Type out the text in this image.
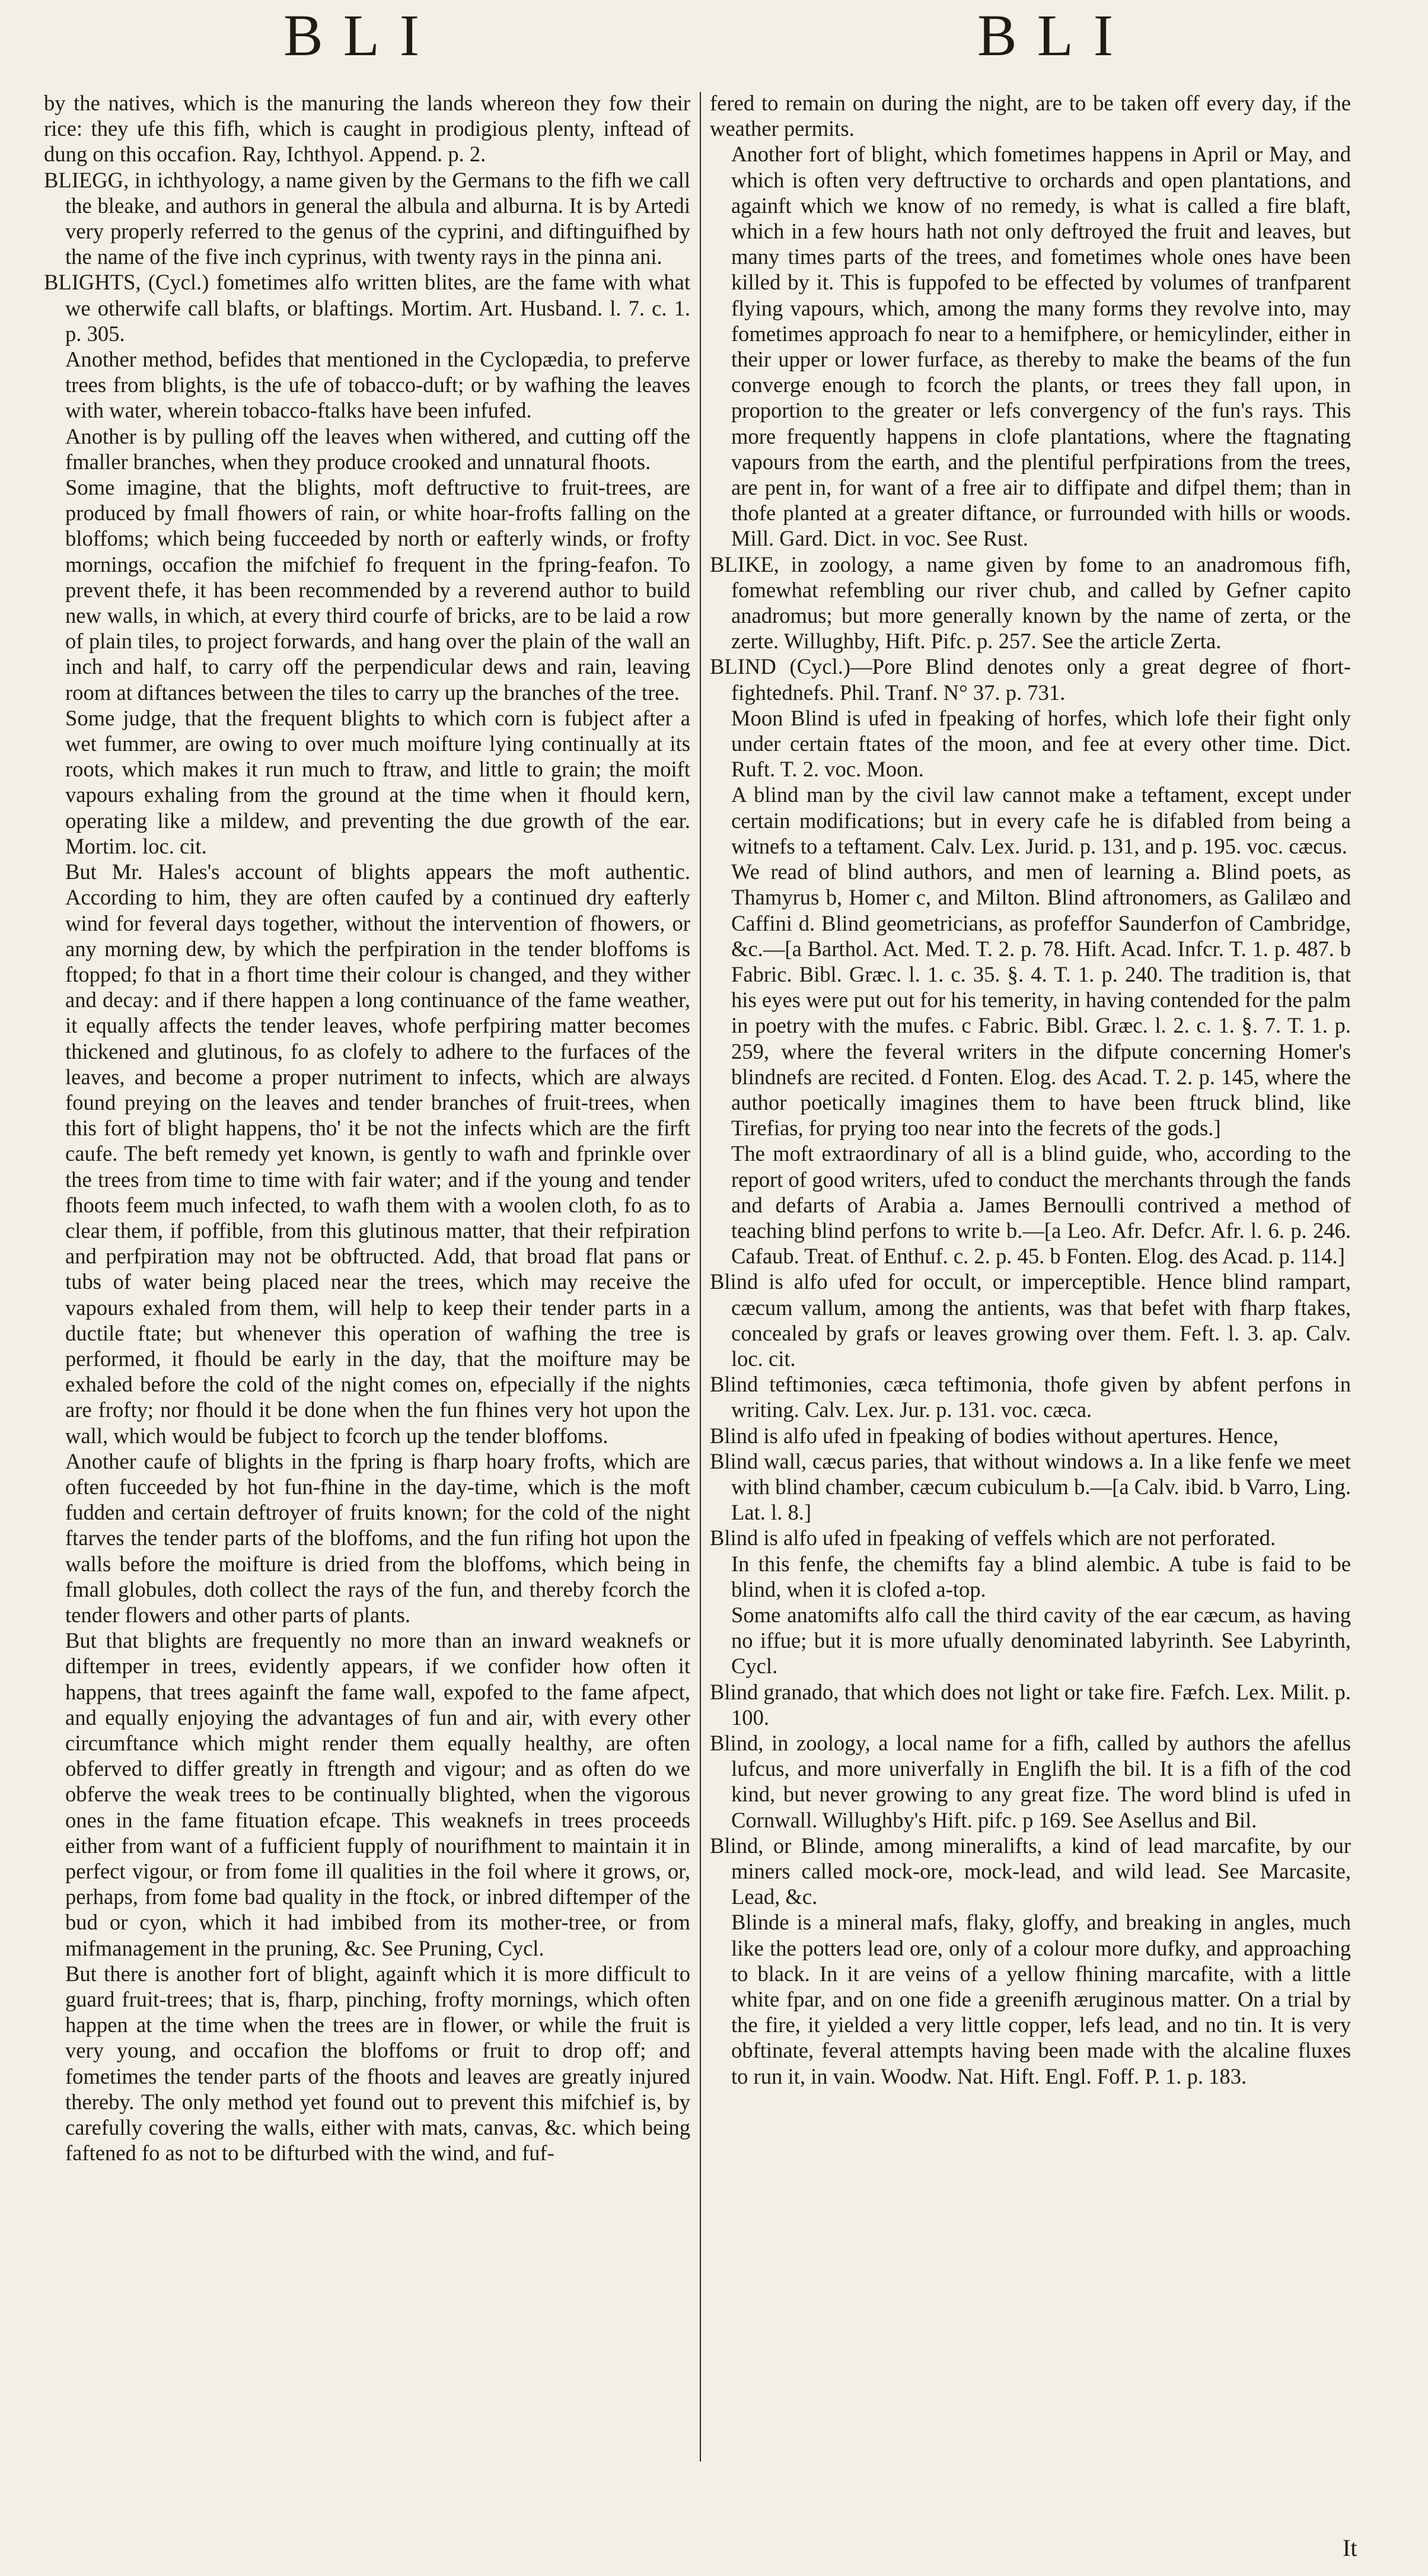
BLI	BLI

by the natives, which is the manuring the lands whereon they fow their rice: they ufe this fifh, which is caught in prodigious plenty, inftead of dung on this occafion. Ray, Ichthyol. Append. p. 2.

BLIEGG, in ichthyology, a name given by the Germans to the fifh we call the bleake, and authors in general the albula and alburna. It is by Artedi very properly referred to the genus of the cyprini, and diftinguifhed by the name of the five inch cyprinus, with twenty rays in the pinna ani.

BLIGHTS, (Cycl.) fometimes alfo written blites, are the fame with what we otherwife call blafts, or blaftings. Mortim. Art. Husband. l. 7. c. 1. p. 305.

Another method, befides that mentioned in the Cyclopædia, to preferve trees from blights, is the ufe of tobacco-duft; or by wafhing the leaves with water, wherein tobacco-ftalks have been infufed.

Another is by pulling off the leaves when withered, and cutting off the fmaller branches, when they produce crooked and unnatural fhoots.

Some imagine, that the blights, moft deftructive to fruit-trees, are produced by fmall fhowers of rain, or white hoar-frofts falling on the bloffoms; which being fucceeded by north or eafterly winds, or frofty mornings, occafion the mifchief fo frequent in the fpring-feafon. To prevent thefe, it has been recommended by a reverend author to build new walls, in which, at every third courfe of bricks, are to be laid a row of plain tiles, to project forwards, and hang over the plain of the wall an inch and half, to carry off the perpendicular dews and rain, leaving room at diftances between the tiles to carry up the branches of the tree.

Some judge, that the frequent blights to which corn is fubject after a wet fummer, are owing to over much moifture lying continually at its roots, which makes it run much to ftraw, and little to grain; the moift vapours exhaling from the ground at the time when it fhould kern, operating like a mildew, and preventing the due growth of the ear. Mortim. loc. cit.

But Mr. Hales's account of blights appears the moft authentic. According to him, they are often caufed by a continued dry eafterly wind for feveral days together, without the intervention of fhowers, or any morning dew, by which the perfpiration in the tender bloffoms is ftopped; fo that in a fhort time their colour is changed, and they wither and decay: and if there happen a long continuance of the fame weather, it equally affects the tender leaves, whofe perfpiring matter becomes thickened and glutinous, fo as clofely to adhere to the furfaces of the leaves, and become a proper nutriment to infects, which are always found preying on the leaves and tender branches of fruit-trees, when this fort of blight happens, tho' it be not the infects which are the firft caufe. The beft remedy yet known, is gently to wafh and fprinkle over the trees from time to time with fair water; and if the young and tender fhoots feem much infected, to wafh them with a woolen cloth, fo as to clear them, if poffible, from this glutinous matter, that their refpiration and perfpiration may not be obftructed. Add, that broad flat pans or tubs of water being placed near the trees, which may receive the vapours exhaled from them, will help to keep their tender parts in a ductile ftate; but whenever this operation of wafhing the tree is performed, it fhould be early in the day, that the moifture may be exhaled before the cold of the night comes on, efpecially if the nights are frofty; nor fhould it be done when the fun fhines very hot upon the wall, which would be fubject to fcorch up the tender bloffoms.

Another caufe of blights in the fpring is fharp hoary frofts, which are often fucceeded by hot fun-fhine in the day-time, which is the moft fudden and certain deftroyer of fruits known; for the cold of the night ftarves the tender parts of the bloffoms, and the fun rifing hot upon the walls before the moifture is dried from the bloffoms, which being in fmall globules, doth collect the rays of the fun, and thereby fcorch the tender flowers and other parts of plants.

But that blights are frequently no more than an inward weaknefs or diftemper in trees, evidently appears, if we confider how often it happens, that trees againft the fame wall, expofed to the fame afpect, and equally enjoying the advantages of fun and air, with every other circumftance which might render them equally healthy, are often obferved to differ greatly in ftrength and vigour; and as often do we obferve the weak trees to be continually blighted, when the vigorous ones in the fame fituation efcape. This weaknefs in trees proceeds either from want of a fufficient fupply of nourifhment to maintain it in perfect vigour, or from fome ill qualities in the foil where it grows, or, perhaps, from fome bad quality in the ftock, or inbred diftemper of the bud or cyon, which it had imbibed from its mother-tree, or from mifmanagement in the pruning, &c. See Pruning, Cycl.

But there is another fort of blight, againft which it is more difficult to guard fruit-trees; that is, fharp, pinching, frofty mornings, which often happen at the time when the trees are in flower, or while the fruit is very young, and occafion the bloffoms or fruit to drop off; and fometimes the tender parts of the fhoots and leaves are greatly injured thereby. The only method yet found out to prevent this mifchief is, by carefully covering the walls, either with mats, canvas, &c. which being faftened fo as not to be difturbed with the wind, and fuf-

fered to remain on during the night, are to be taken off every day, if the weather permits.

Another fort of blight, which fometimes happens in April or May, and which is often very deftructive to orchards and open plantations, and againft which we know of no remedy, is what is called a fire blaft, which in a few hours hath not only deftroyed the fruit and leaves, but many times parts of the trees, and fometimes whole ones have been killed by it. This is fuppofed to be effected by volumes of tranfparent flying vapours, which, among the many forms they revolve into, may fometimes approach fo near to a hemifphere, or hemicylinder, either in their upper or lower furface, as thereby to make the beams of the fun converge enough to fcorch the plants, or trees they fall upon, in proportion to the greater or lefs convergency of the fun's rays. This more frequently happens in clofe plantations, where the ftagnating vapours from the earth, and the plentiful perfpirations from the trees, are pent in, for want of a free air to diffipate and difpel them; than in thofe planted at a greater diftance, or furrounded with hills or woods. Mill. Gard. Dict. in voc. See Rust.

BLIKE, in zoology, a name given by fome to an anadromous fifh, fomewhat refembling our river chub, and called by Gefner capito anadromus; but more generally known by the name of zerta, or the zerte. Willughby, Hift. Pifc. p. 257. See the article Zerta.

BLIND (Cycl.)—Pore Blind denotes only a great degree of fhort-fightednefs. Phil. Tranf. N° 37. p. 731.

Moon Blind is ufed in fpeaking of horfes, which lofe their fight only under certain ftates of the moon, and fee at every other time. Dict. Ruft. T. 2. voc. Moon.

A blind man by the civil law cannot make a teftament, except under certain modifications; but in every cafe he is difabled from being a witnefs to a teftament. Calv. Lex. Jurid. p. 131, and p. 195. voc. cæcus.

We read of blind authors, and men of learning a. Blind poets, as Thamyrus b, Homer c, and Milton. Blind aftronomers, as Galilæo and Caffini d. Blind geometricians, as profeffor Saunderfon of Cambridge, &c.—[a Barthol. Act. Med. T. 2. p. 78. Hift. Acad. Infcr. T. 1. p. 487. b Fabric. Bibl. Græc. l. 1. c. 35. §. 4. T. 1. p. 240. The tradition is, that his eyes were put out for his temerity, in having contended for the palm in poetry with the mufes. c Fabric. Bibl. Græc. l. 2. c. 1. §. 7. T. 1. p. 259, where the feveral writers in the difpute concerning Homer's blindnefs are recited. d Fonten. Elog. des Acad. T. 2. p. 145, where the author poetically imagines them to have been ftruck blind, like Tirefias, for prying too near into the fecrets of the gods.]

The moft extraordinary of all is a blind guide, who, according to the report of good writers, ufed to conduct the merchants through the fands and defarts of Arabia a. James Bernoulli contrived a method of teaching blind perfons to write b.—[a Leo. Afr. Defcr. Afr. l. 6. p. 246. Cafaub. Treat. of Enthuf. c. 2. p. 45. b Fonten. Elog. des Acad. p. 114.]

Blind is alfo ufed for occult, or imperceptible. Hence blind rampart, cæcum vallum, among the antients, was that befet with fharp ftakes, concealed by grafs or leaves growing over them. Feft. l. 3. ap. Calv. loc. cit.

Blind teftimonies, cæca teftimonia, thofe given by abfent perfons in writing. Calv. Lex. Jur. p. 131. voc. cæca.

Blind is alfo ufed in fpeaking of bodies without apertures. Hence,

Blind wall, cæcus paries, that without windows a. In a like fenfe we meet with blind chamber, cæcum cubiculum b.—[a Calv. ibid. b Varro, Ling. Lat. l. 8.]

Blind is alfo ufed in fpeaking of veffels which are not perforated.

In this fenfe, the chemifts fay a blind alembic. A tube is faid to be blind, when it is clofed a-top.

Some anatomifts alfo call the third cavity of the ear cæcum, as having no iffue; but it is more ufually denominated labyrinth. See Labyrinth, Cycl.

Blind granado, that which does not light or take fire. Fæfch. Lex. Milit. p. 100.

Blind, in zoology, a local name for a fifh, called by authors the afellus lufcus, and more univerfally in Englifh the bil. It is a fifh of the cod kind, but never growing to any great fize. The word blind is ufed in Cornwall. Willughby's Hift. pifc. p 169. See Asellus and Bil.

Blind, or Blinde, among mineralifts, a kind of lead marcafite, by our miners called mock-ore, mock-lead, and wild lead. See Marcasite, Lead, &c.

Blinde is a mineral mafs, flaky, gloffy, and breaking in angles, much like the potters lead ore, only of a colour more dufky, and approaching to black. In it are veins of a yellow fhining marcafite, with a little white fpar, and on one fide a greenifh æruginous matter. On a trial by the fire, it yielded a very little copper, lefs lead, and no tin. It is very obftinate, feveral attempts having been made with the alcaline fluxes to run it, in vain. Woodw. Nat. Hift. Engl. Foff. P. 1. p. 183.

It
